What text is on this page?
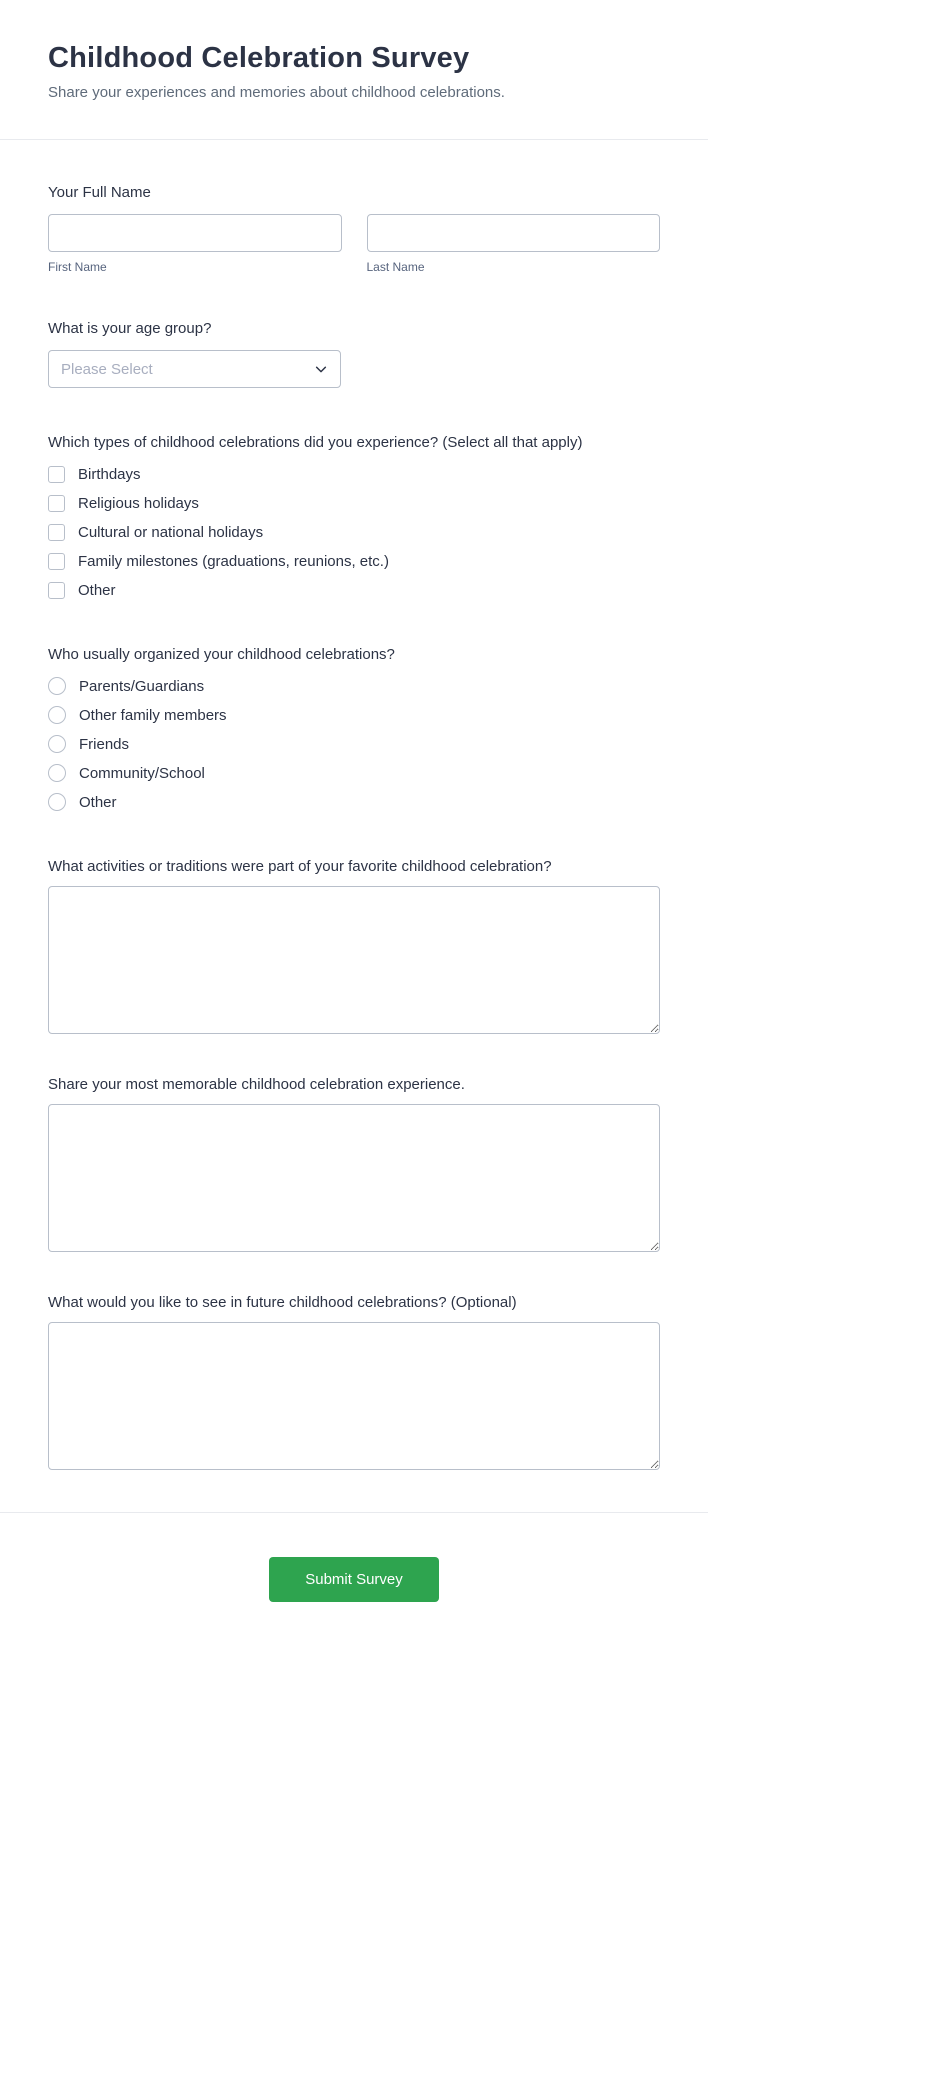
Childhood Celebration Survey

Share your experiences and memories about childhood celebrations.

Your Full Name
First Name	Last Name
What is your age group?
Please Select
Which types of childhood celebrations did you experience? (Select all that apply)
Birthdays
Religious holidays
Cultural or national holidays
Family milestones (graduations, reunions, etc.)
Other
Who usually organized your childhood celebrations?
Parents/Guardians
Other family members
Friends
Community/School
Other
What activities or traditions were part of your favorite childhood celebration?
Share your most memorable childhood celebration experience.
What would you like to see in future childhood celebrations? (Optional)
Submit Survey
